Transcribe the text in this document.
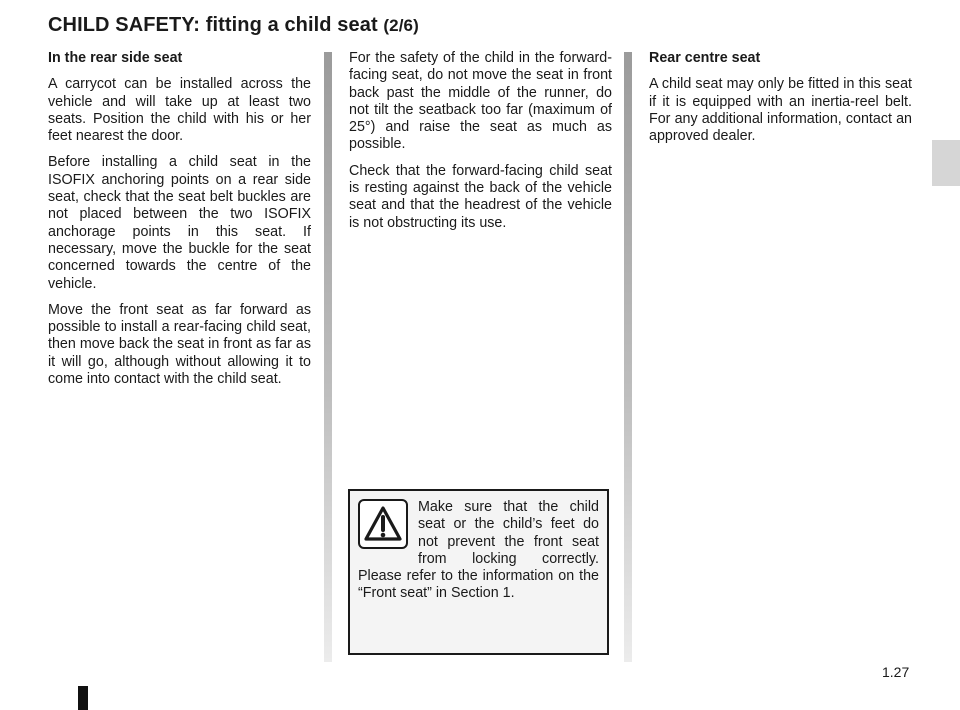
CHILD SAFETY: fitting a child seat (2/6)

In the rear side seat

A carrycot can be installed across the vehicle and will take up at least two seats. Position the child with his or her feet nearest the door.

Before installing a child seat in the ISOFIX anchoring points on a rear side seat, check that the seat belt buckles are not placed between the two ISOFIX anchorage points in this seat. If necessary, move the buckle for the seat concerned towards the centre of the vehicle.

Move the front seat as far forward as possible to install a rear-facing child seat, then move back the seat in front as far as it will go, although without allowing it to come into contact with the child seat.

For the safety of the child in the forward-facing seat, do not move the seat in front back past the middle of the runner, do not tilt the seatback too far (maximum of 25°) and raise the seat as much as possible.

Check that the forward-facing child seat is resting against the back of the vehicle seat and that the headrest of the vehicle is not obstructing its use.

Make sure that the child seat or the child’s feet do not prevent the front seat from locking correctly. Please refer to the information on the “Front seat” in Section 1.

Rear centre seat

A child seat may only be fitted in this seat if it is equipped with an inertia-reel belt. For any additional information, contact an approved dealer.

1.27
